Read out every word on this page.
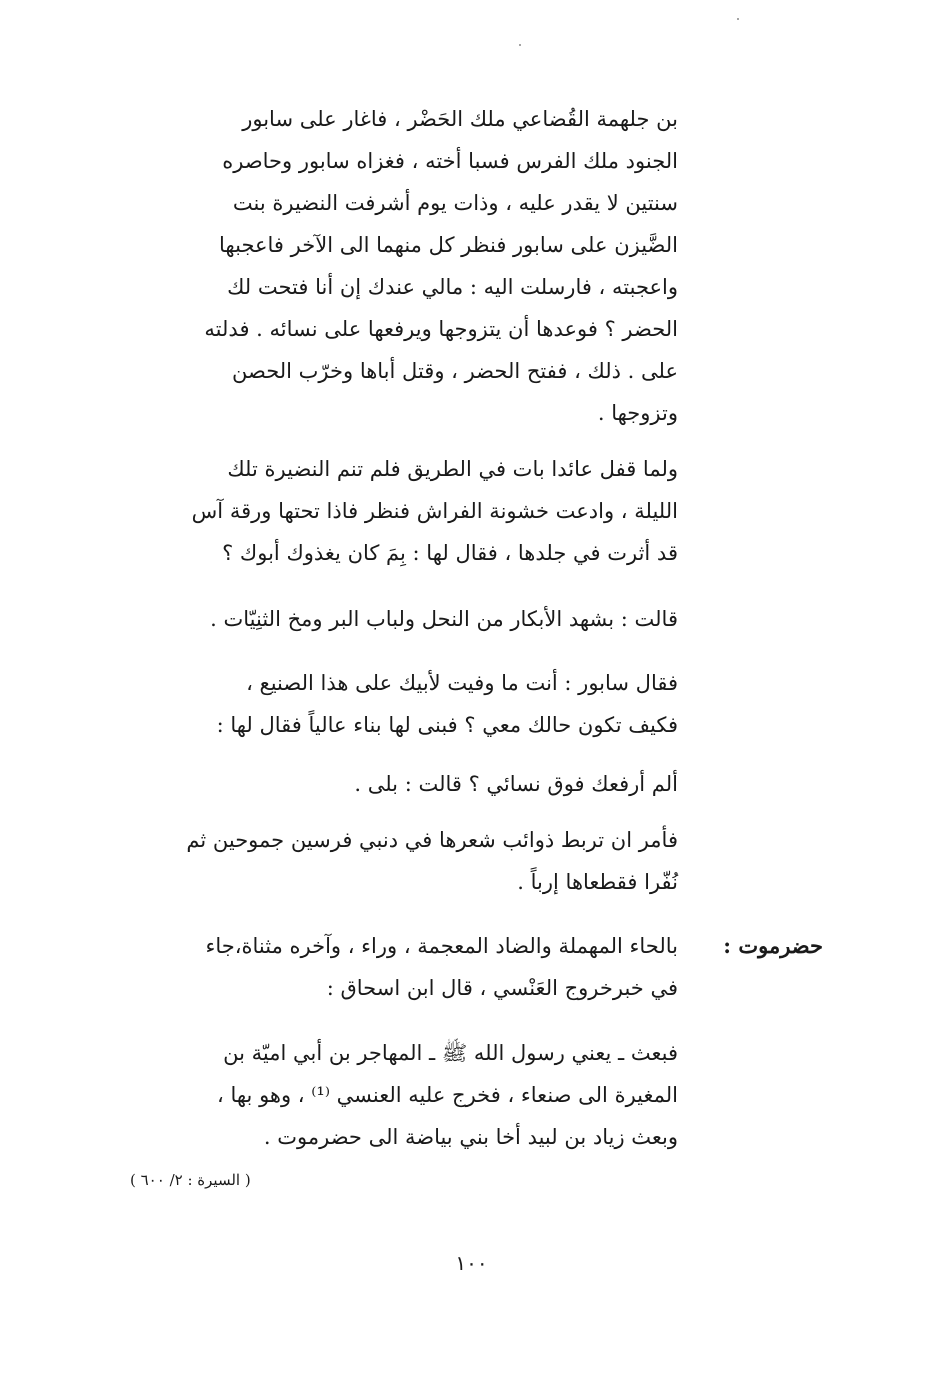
بن جلهمة القُضاعي ملك الحَضْر ، فاغار على سابور
الجنود ملك الفرس فسبا أخته ، فغزاه سابور وحاصره
سنتين لا يقدر عليه ، وذات يوم أشرفت النضيرة بنت
الضَّيزن على سابور فنظر كل منهما الى الآخر فاعجبها
واعجبته ، فارسلت اليه : مالي عندك إن أنا فتحت لك
الحضر ؟ فوعدها أن يتزوجها ويرفعها على نسائه . فدلته
على . ذلك ، ففتح الحضر ، وقتل أباها وخرّب الحصن
وتزوجها .
ولما قفل عائدا بات في الطريق فلم تنم النضيرة تلك
الليلة ، وادعت خشونة الفراش فنظر فاذا تحتها ورقة آس
قد أثرت في جلدها ، فقال لها : بِمَ كان يغذوك أبوك ؟
قالت : بشهد الأبكار من النحل ولباب البر ومخ الثنِيّات .
فقال سابور : أنت ما وفيت لأبيك على هذا الصنيع ،
فكيف تكون حالك معي ؟ فبنى لها بناء عالياً فقال لها :
ألم أرفعك فوق نسائي ؟ قالت : بلى .
فأمر ان تربط ذوائب شعرها في دنبي فرسين جموحين ثم
نُفّرا فقطعاها إرباً .
حضرموت :
بالحاء المهملة والضاد المعجمة ، وراء ، وآخره مثناة،جاء
في خبرخروج العَنْسي ، قال ابن اسحاق :
فبعث ـ يعني رسول الله ﷺ ـ المهاجر بن أبي اميّة بن
المغيرة الى صنعاء ، فخرج عليه العنسي ⁽¹⁾ ، وهو بها ،
وبعث زياد بن لبيد أخا بني بياضة الى حضرموت .
( السيرة : ٢/ ٦٠٠ )
١٠٠
